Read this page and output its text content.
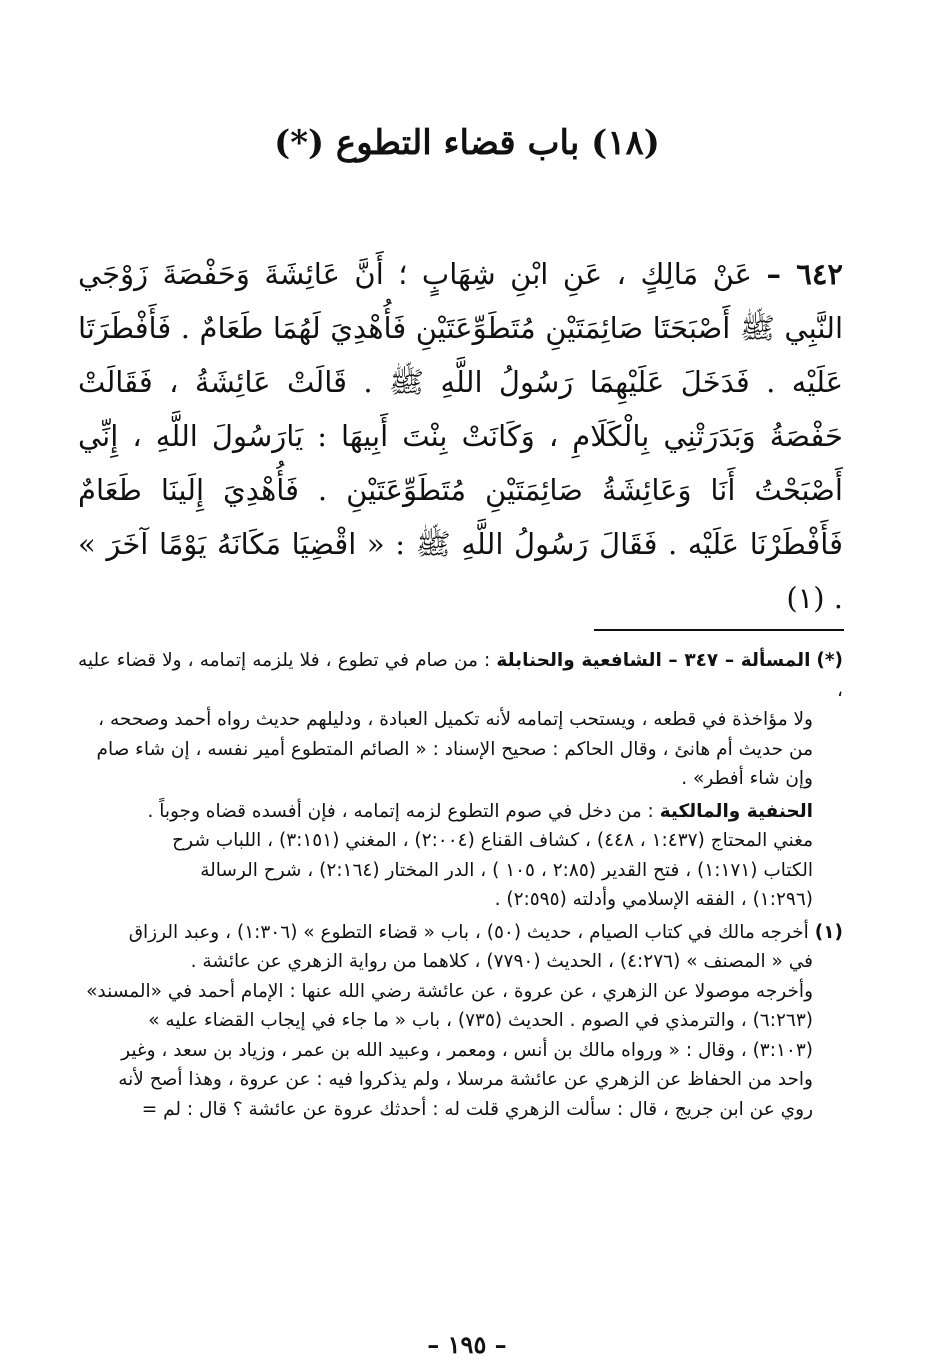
(١٨) باب قضاء التطوع (*)
٦٤٢ – عَنْ مَالِكٍ ، عَنِ ابْنِ شِهَابٍ ؛ أَنَّ عَائِشَةَ وَحَفْصَةَ زَوْجَي النَّبِي ﷺ أَصْبَحَتَا صَائِمَتَيْنِ مُتَطَوِّعَتَيْنِ فَأُهْدِيَ لَهُمَا طَعَامٌ . فَأَفْطَرَتَا عَلَيْه . فَدَخَلَ عَلَيْهِمَا رَسُولُ اللَّهِ ﷺ . قَالَتْ عَائِشَةُ ، فَقَالَتْ حَفْصَةُ وَبَدَرَتْنِي بِالْكَلَامِ ، وَكَانَتْ بِنْتَ أَبِيهَا : يَارَسُولَ اللَّهِ ، إِنِّي أَصْبَحْتُ أَنَا وَعَائِشَةُ صَائِمَتَيْنِ مُتَطَوِّعَتَيْنِ . فَأُهْدِيَ إِلَينَا طَعَامٌ فَأَفْطَرْنَا عَلَيْه . فَقَالَ رَسُولُ اللَّهِ ﷺ : « اقْضِيَا مَكَانَهُ يَوْمًا آخَرَ » . (١)
(*)المسألة – ٣٤٧ – الشافعية والحنابلة : من صام في تطوع ، فلا يلزمه إتمامه ، ولا قضاء عليه ،
ولا مؤاخذة في قطعه ، ويستحب إتمامه لأنه تكميل العبادة ، ودليلهم حديث رواه أحمد وصححه ،
من حديث أم هانئ ، وقال الحاكم : صحيح الإسناد : « الصائم المتطوع أمير نفسه ، إن شاء صام
وإن شاء أفطر» .
الحنفية والمالكية : من دخل في صوم التطوع لزمه إتمامه ، فإن أفسده قضاه وجوباً .
مغني المحتاج (١:٤٣٧ ، ٤٤٨) ، كشاف القناع (٢:٠٠٤) ، المغني (٣:١٥١) ، اللباب شرح
الكتاب (١:١٧١) ، فتح القدير (٢:٨٥ ، ١٠٥ ) ، الدر المختار (٢:١٦٤) ، شرح الرسالة
(١:٢٩٦) ، الفقه الإسلامي وأدلته (٢:٥٩٥) .
(١)أخرجه مالك في كتاب الصيام ، حديث (٥٠) ، باب « قضاء التطوع » (١:٣٠٦) ، وعبد الرزاق
في « المصنف » (٤:٢٧٦) ، الحديث (٧٧٩٠) ، كلاهما من رواية الزهري عن عائشة .
وأخرجه موصولا عن الزهري ، عن عروة ، عن عائشة رضي الله عنها : الإمام أحمد في «المسند»
(٦:٢٦٣) ، والترمذي في الصوم . الحديث (٧٣٥) ، باب « ما جاء في إيجاب القضاء عليه »
(٣:١٠٣) ، وقال : « ورواه مالك بن أنس ، ومعمر ، وعبيد الله بن عمر ، وزياد بن سعد ، وغير
واحد من الحفاظ عن الزهري عن عائشة مرسلا ، ولم يذكروا فيه : عن عروة ، وهذا أصح لأنه
روي عن ابن جريج ، قال : سألت الزهري قلت له : أحدثك عروة عن عائشة ؟ قال : لم =
– ١٩٥ –
